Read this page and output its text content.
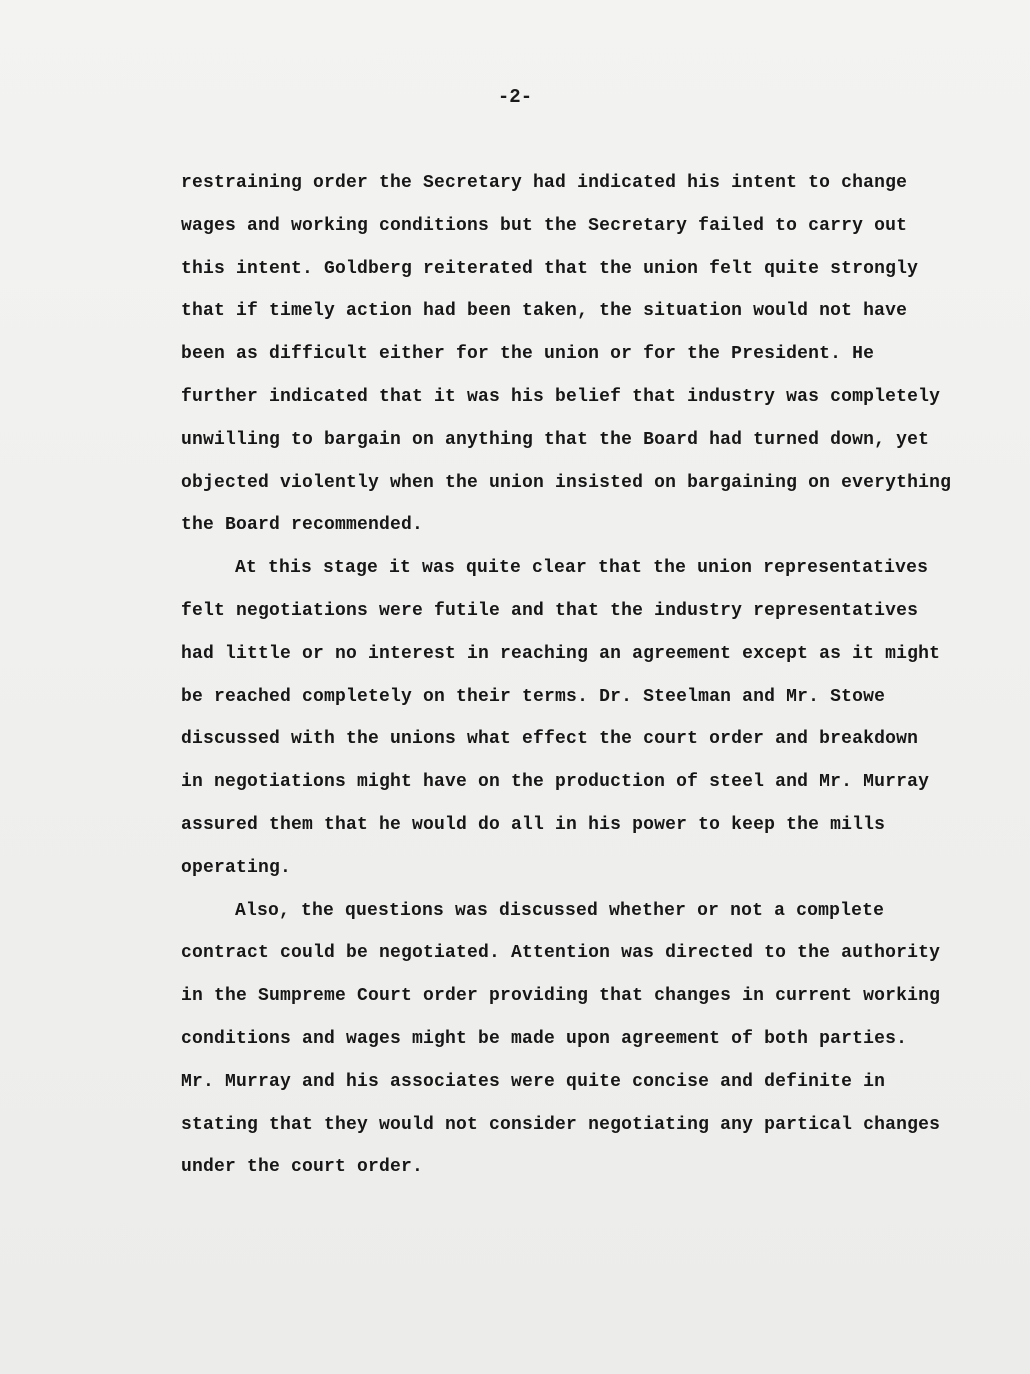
-2-
restraining order the Secretary had indicated his intent to change
wages and working conditions but the Secretary failed to carry out
this intent. Goldberg reiterated that the union felt quite strongly
that if timely action had been taken, the situation would not have
been as difficult either for the union or for the President. He
further indicated that it was his belief that industry was completely
unwilling to bargain on anything that the Board had turned down, yet
objected violently when the union insisted on bargaining on everything
the Board recommended.
At this stage it was quite clear that the union representatives
felt negotiations were futile and that the industry representatives
had little or no interest in reaching an agreement except as it might
be reached completely on their terms. Dr. Steelman and Mr. Stowe
discussed with the unions what effect the court order and breakdown
in negotiations might have on the production of steel and Mr. Murray
assured them that he would do all in his power to keep the mills
operating.
Also, the questions was discussed whether or not a complete
contract could be negotiated. Attention was directed to the authority
in the Sumpreme Court order providing that changes in current working
conditions and wages might be made upon agreement of both parties.
Mr. Murray and his associates were quite concise and definite in
stating that they would not consider negotiating any partical changes
under the court order.
